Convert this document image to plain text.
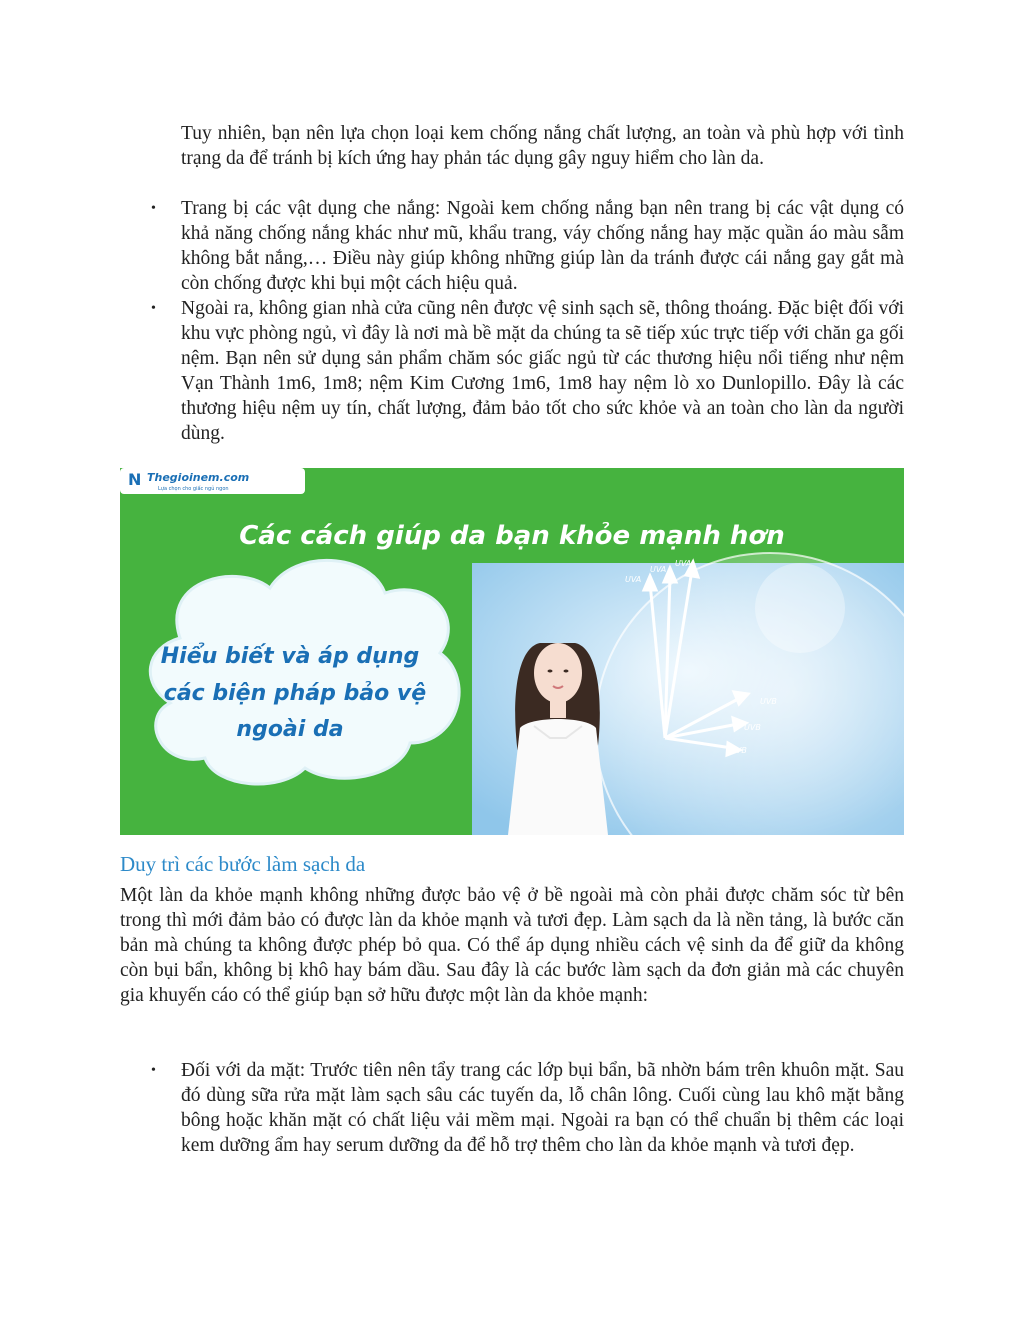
Tuy nhiên, bạn nên lựa chọn loại kem chống nắng chất lượng, an toàn và phù hợp với tình trạng da để tránh bị kích ứng hay phản tác dụng gây nguy hiểm cho làn da.

• Trang bị các vật dụng che nắng: Ngoài kem chống nắng bạn nên trang bị các vật dụng có khả năng chống nắng khác như mũ, khẩu trang, váy chống nắng hay mặc quần áo màu sẫm không bắt nắng,… Điều này giúp không những giúp làn da tránh được cái nắng gay gắt mà còn chống được khi bụi một cách hiệu quả.
• Ngoài ra, không gian nhà cửa cũng nên được vệ sinh sạch sẽ, thông thoáng. Đặc biệt đối với khu vực phòng ngủ, vì đây là nơi mà bề mặt da chúng ta sẽ tiếp xúc trực tiếp với chăn ga gối nệm. Bạn nên sử dụng sản phẩm chăm sóc giấc ngủ từ các thương hiệu nổi tiếng như nệm Vạn Thành 1m6, 1m8; nệm Kim Cương 1m6, 1m8 hay nệm lò xo Dunlopillo. Đây là các thương hiệu nệm uy tín, chất lượng, đảm bảo tốt cho sức khỏe và an toàn cho làn da người dùng.
N Thegioinem.com
Lựa chọn cho giấc ngủ ngon
Các cách giúp da bạn khỏe mạnh hơn
UVA
UVA
UVA
UVB
UVB
UVB
Hiểu biết và áp dụng
các biện pháp bảo vệ
ngoài da
Duy trì các bước làm sạch da

Một làn da khỏe mạnh không những được bảo vệ ở bề ngoài mà còn phải được chăm sóc từ bên trong thì mới đảm bảo có được làn da khỏe mạnh và tươi đẹp. Làm sạch da là nền tảng, là bước căn bản mà chúng ta không được phép bỏ qua. Có thể áp dụng nhiều cách vệ sinh da để giữ da không còn bụi bẩn, không bị khô hay bám dầu. Sau đây là các bước làm sạch da đơn giản mà các chuyên gia khuyến cáo có thể giúp bạn sở hữu được một làn da khỏe mạnh:

• Đối với da mặt: Trước tiên nên tẩy trang các lớp bụi bẩn, bã nhờn bám trên khuôn mặt. Sau đó dùng sữa rửa mặt làm sạch sâu các tuyến da, lỗ chân lông. Cuối cùng lau khô mặt bằng bông hoặc khăn mặt có chất liệu vải mềm mại. Ngoài ra bạn có thể chuẩn bị thêm các loại kem dưỡng ẩm hay serum dưỡng da để hỗ trợ thêm cho làn da khỏe mạnh và tươi đẹp.
